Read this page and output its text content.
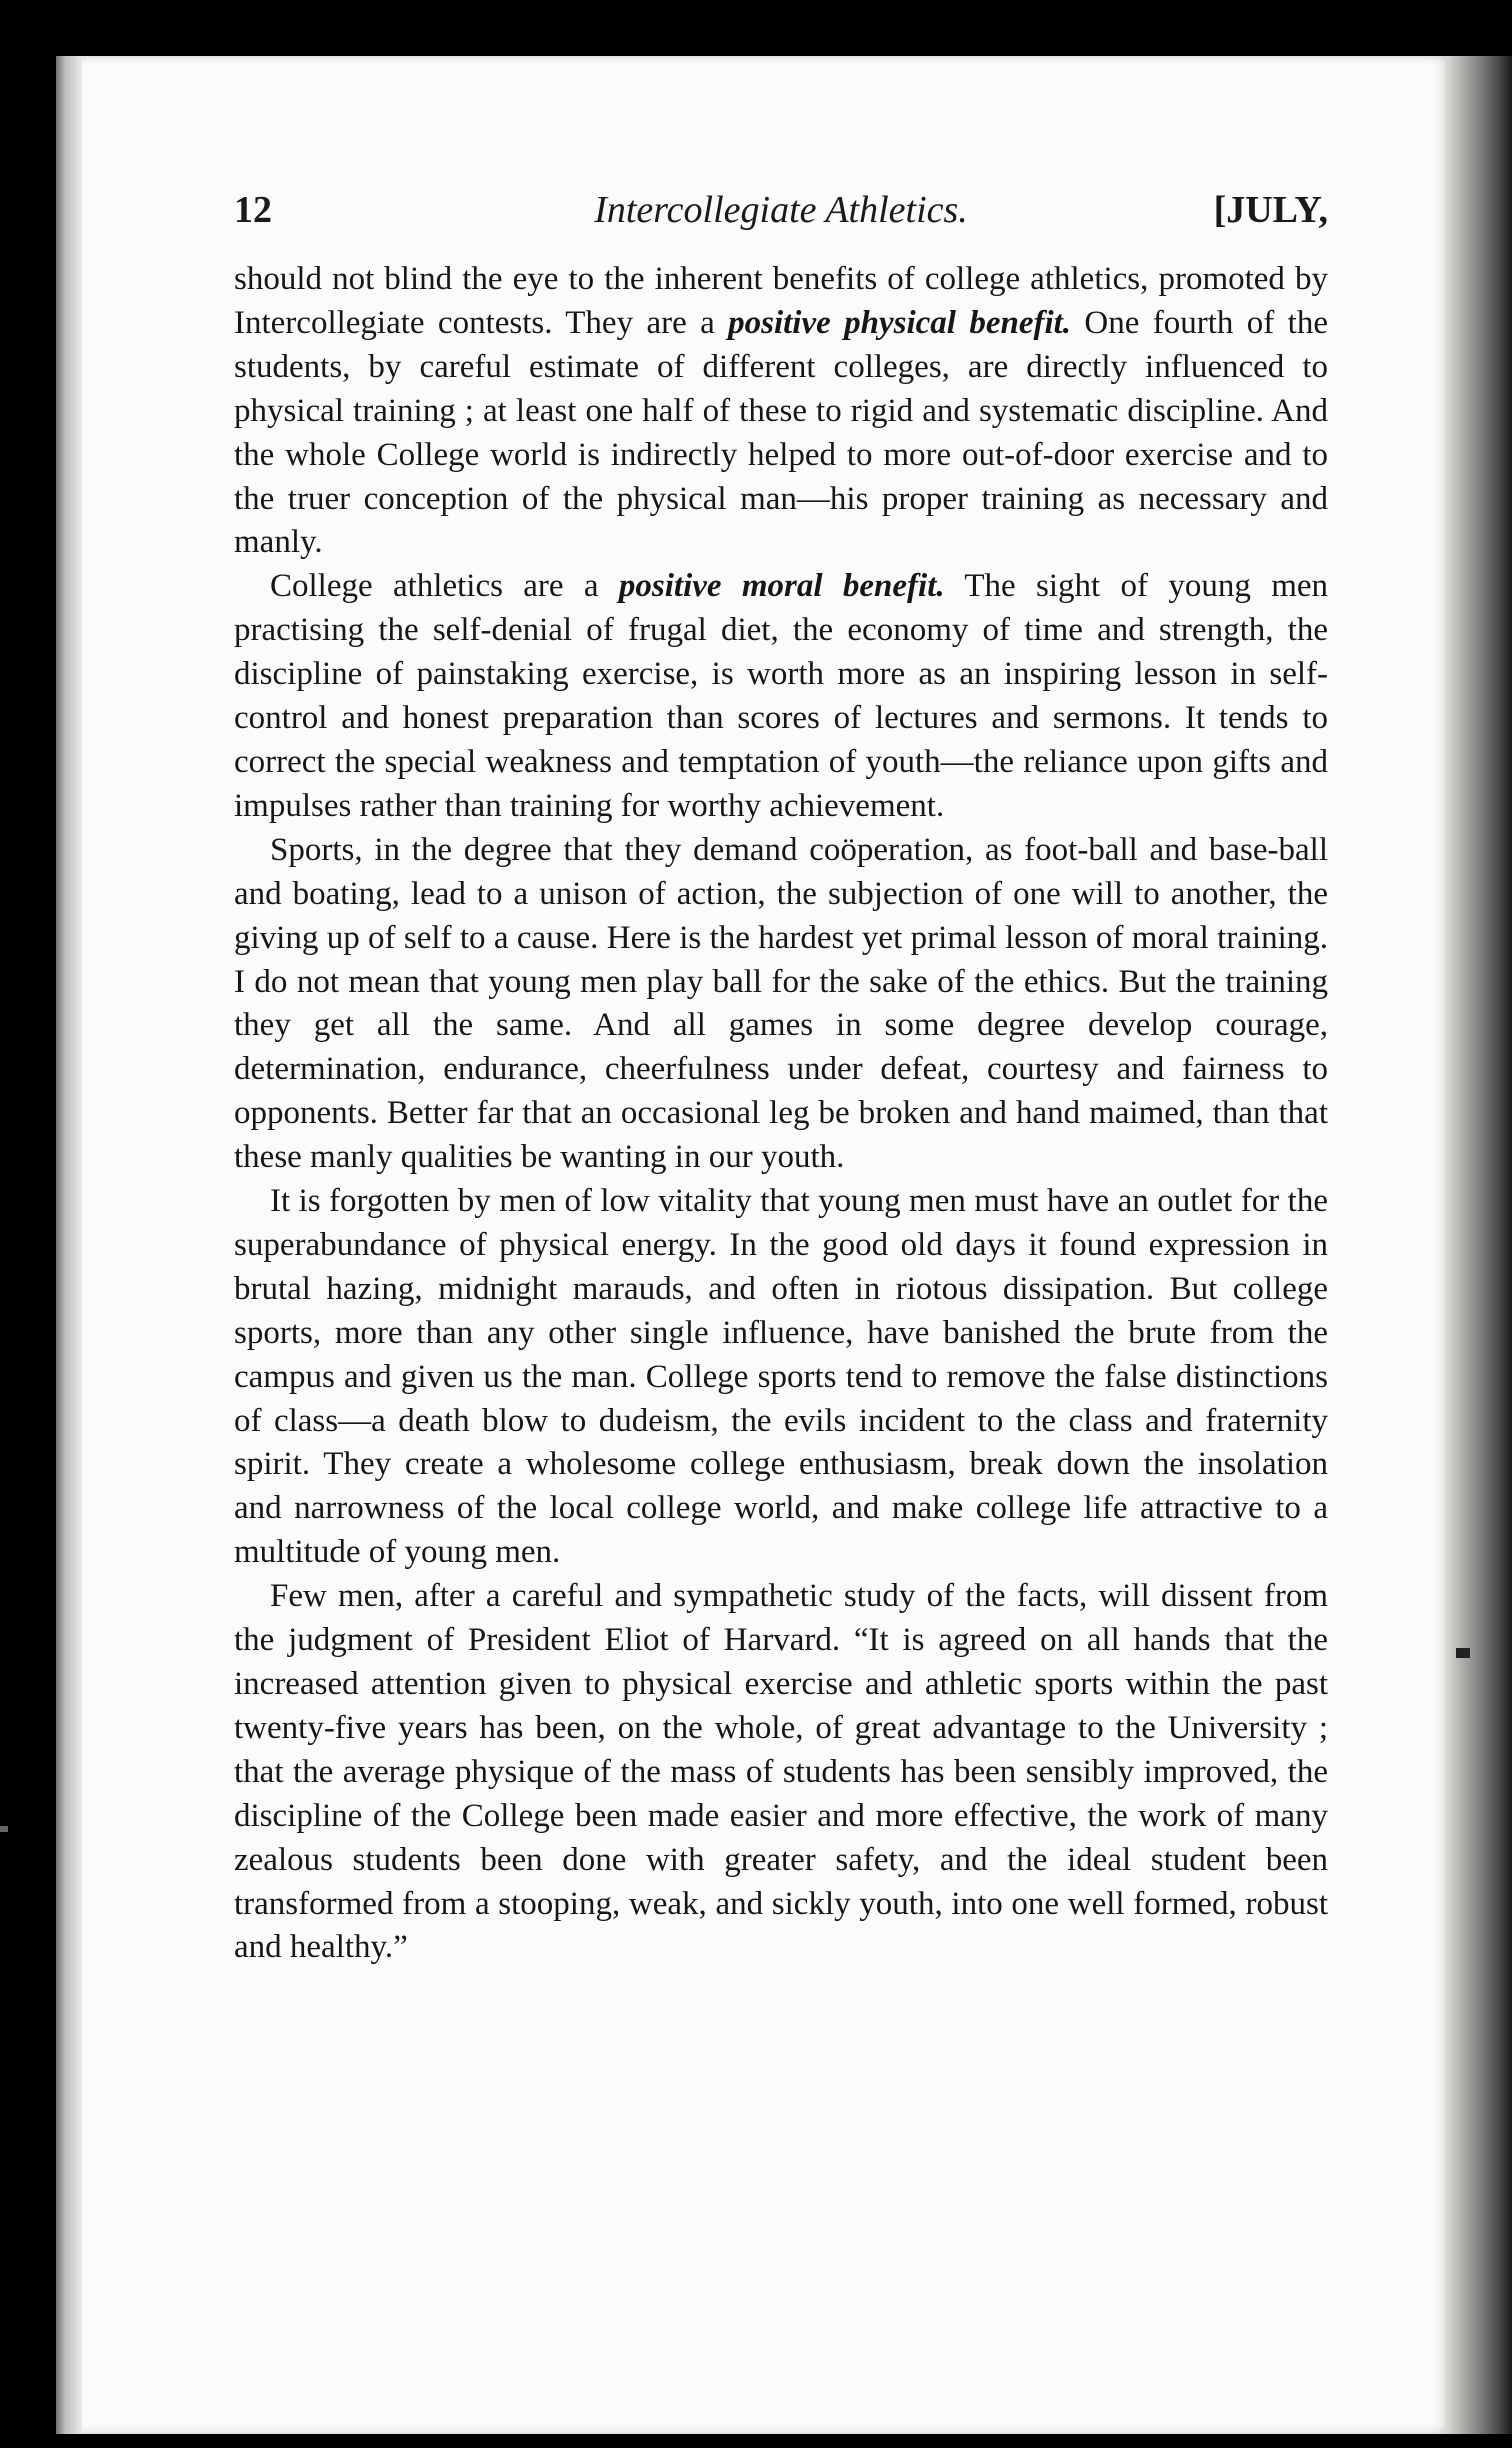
12	Intercollegiate Athletics.	[JULY,

should not blind the eye to the inherent benefits of college athletics, promoted by Intercollegiate contests. They are a positive physical benefit. One fourth of the students, by careful estimate of different colleges, are directly influenced to physical training ; at least one half of these to rigid and systematic discipline. And the whole College world is indirectly helped to more out-of-door exercise and to the truer conception of the physical man—his proper training as necessary and manly.

College athletics are a positive moral benefit. The sight of young men practising the self-denial of frugal diet, the economy of time and strength, the discipline of painstaking exercise, is worth more as an inspiring lesson in self-control and honest preparation than scores of lectures and sermons. It tends to correct the special weakness and temptation of youth—the reliance upon gifts and impulses rather than training for worthy achievement.

Sports, in the degree that they demand coöperation, as foot-ball and base-ball and boating, lead to a unison of action, the subjection of one will to another, the giving up of self to a cause. Here is the hardest yet primal lesson of moral training. I do not mean that young men play ball for the sake of the ethics. But the training they get all the same. And all games in some degree develop courage, determination, endurance, cheerfulness under defeat, courtesy and fairness to opponents. Better far that an occasional leg be broken and hand maimed, than that these manly qualities be wanting in our youth.

It is forgotten by men of low vitality that young men must have an outlet for the superabundance of physical energy. In the good old days it found expression in brutal hazing, midnight marauds, and often in riotous dissipation. But college sports, more than any other single influence, have banished the brute from the campus and given us the man. College sports tend to remove the false distinctions of class—a death blow to dudeism, the evils incident to the class and fraternity spirit. They create a wholesome college enthusiasm, break down the insolation and narrowness of the local college world, and make college life attractive to a multitude of young men.

Few men, after a careful and sympathetic study of the facts, will dissent from the judgment of President Eliot of Harvard. “It is agreed on all hands that the increased attention given to physical exercise and athletic sports within the past twenty-five years has been, on the whole, of great advantage to the University ; that the average physique of the mass of students has been sensibly improved, the discipline of the College been made easier and more effective, the work of many zealous students been done with greater safety, and the ideal student been transformed from a stooping, weak, and sickly youth, into one well formed, robust and healthy.”
